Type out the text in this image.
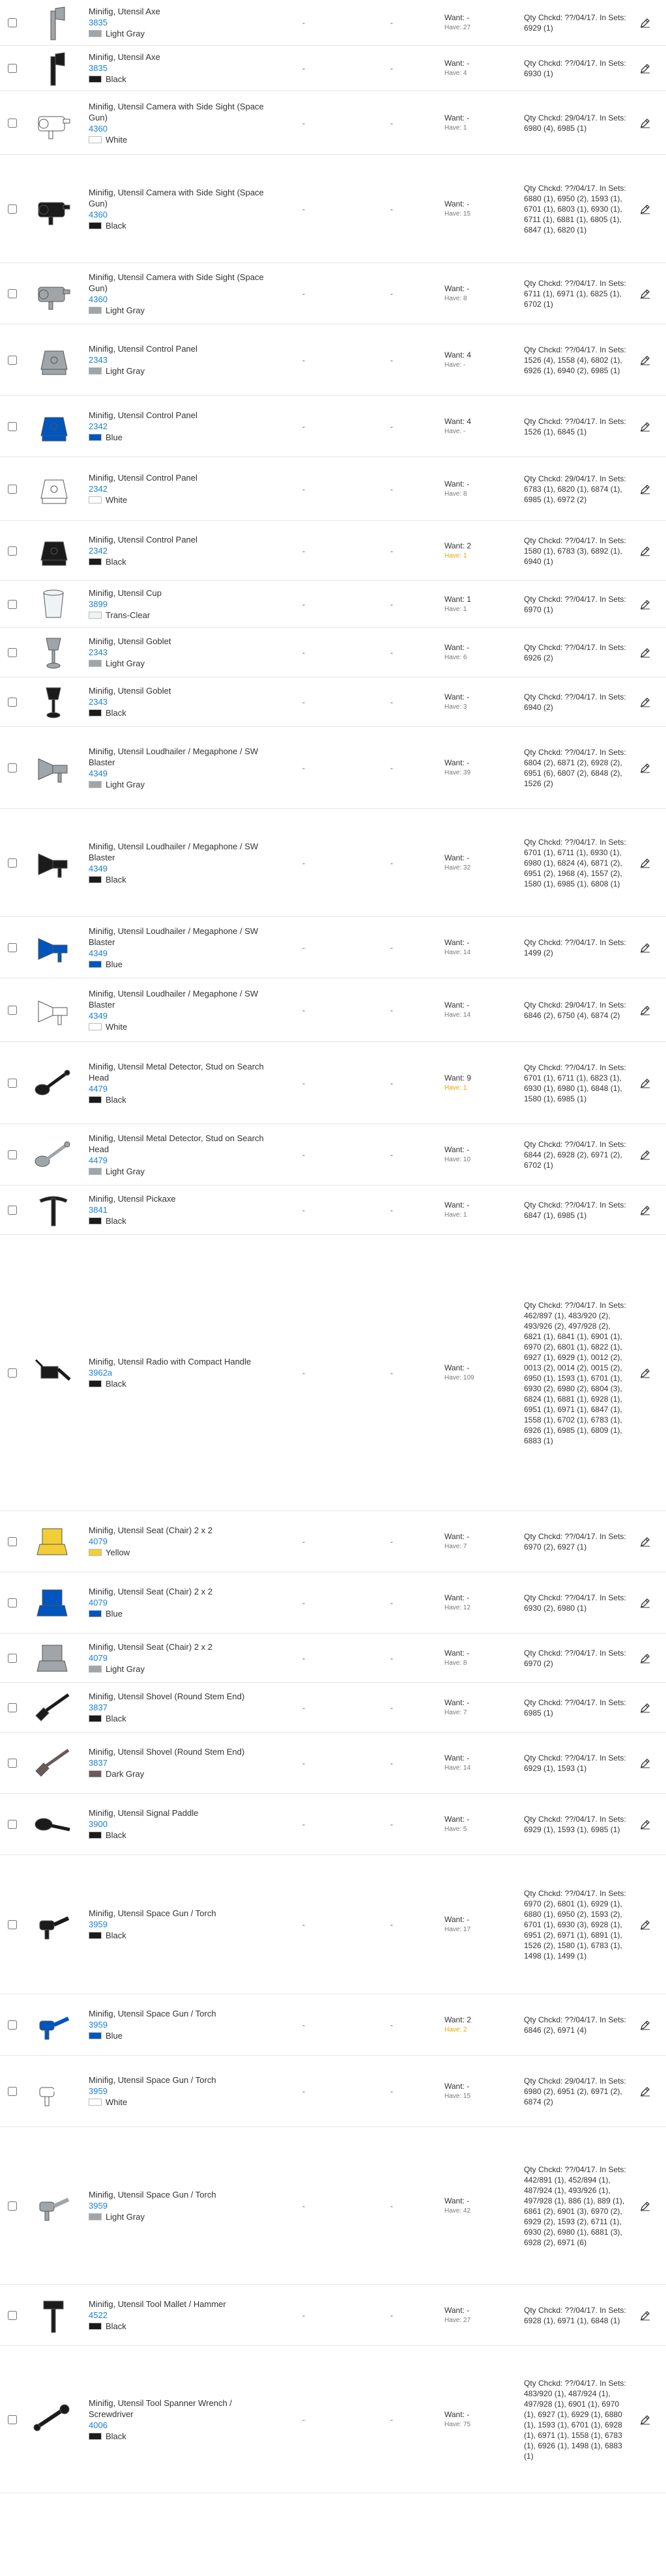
Minifig, Utensil Axe
3835
Light Gray
-	-
Want: -
Have: 27
Qty Chckd: ??/04/17. In Sets: 6929 (1)
Minifig, Utensil Axe
3835
Black
-	-
Want: -
Have: 4
Qty Chckd: ??/04/17. In Sets: 6930 (1)
Minifig, Utensil Camera with Side Sight (Space Gun)
4360
White
-	-
Want: -
Have: 1
Qty Chckd: 29/04/17. In Sets: 6980 (4), 6985 (1)
Minifig, Utensil Camera with Side Sight (Space Gun)
4360
Black
-	-
Want: -
Have: 15
Qty Chckd: ??/04/17. In Sets: 6880 (1), 6950 (2), 1593 (1), 6701 (1), 6803 (1), 6930 (1), 6711 (1), 6881 (1), 6805 (1), 6847 (1), 6820 (1)
Minifig, Utensil Camera with Side Sight (Space Gun)
4360
Light Gray
-	-
Want: -
Have: 8
Qty Chckd: ??/04/17. In Sets: 6711 (1), 6971 (1), 6825 (1), 6702 (1)
Minifig, Utensil Control Panel
2343
Light Gray
-	-
Want: 4
Have: -
Qty Chckd: ??/04/17. In Sets: 1526 (4), 1558 (4), 6802 (1), 6926 (1), 6940 (2), 6985 (1)
Minifig, Utensil Control Panel
2342
Blue
-	-
Want: 4
Have: -
Qty Chckd: ??/04/17. In Sets: 1526 (1), 6845 (1)
Minifig, Utensil Control Panel
2342
White
-	-
Want: -
Have: 8
Qty Chckd: 29/04/17. In Sets: 6783 (1), 6820 (1), 6874 (1), 6985 (1), 6972 (2)
Minifig, Utensil Control Panel
2342
Black
-	-
Want: 2
Have: 1
Qty Chckd: ??/04/17. In Sets: 1580 (1), 6783 (3), 6892 (1), 6940 (1)
Minifig, Utensil Cup
3899
Trans-Clear
-	-
Want: 1
Have: 1
Qty Chckd: ??/04/17. In Sets: 6970 (1)
Minifig, Utensil Goblet
2343
Light Gray
-	-
Want: -
Have: 6
Qty Chckd: ??/04/17. In Sets: 6926 (2)
Minifig, Utensil Goblet
2343
Black
-	-
Want: -
Have: 3
Qty Chckd: ??/04/17. In Sets: 6940 (2)
Minifig, Utensil Loudhailer / Megaphone / SW Blaster
4349
Light Gray
-	-
Want: -
Have: 39
Qty Chckd: ??/04/17. In Sets: 6804 (2), 6871 (2), 6928 (2), 6951 (6), 6807 (2), 6848 (2), 1526 (2)
Minifig, Utensil Loudhailer / Megaphone / SW Blaster
4349
Black
-	-
Want: -
Have: 32
Qty Chckd: ??/04/17. In Sets: 6701 (1), 6711 (1), 6930 (1), 6980 (1), 6824 (4), 6871 (2), 6951 (2), 1968 (4), 1557 (2), 1580 (1), 6985 (1), 6808 (1)
Minifig, Utensil Loudhailer / Megaphone / SW Blaster
4349
Blue
-	-
Want: -
Have: 14
Qty Chckd: ??/04/17. In Sets: 1499 (2)
Minifig, Utensil Loudhailer / Megaphone / SW Blaster
4349
White
-	-
Want: -
Have: 14
Qty Chckd: 29/04/17. In Sets: 6846 (2), 6750 (4), 6874 (2)
Minifig, Utensil Metal Detector, Stud on Search Head
4479
Black
-	-
Want: 9
Have: 1
Qty Chckd: ??/04/17. In Sets: 6701 (1), 6711 (1), 6823 (1), 6930 (1), 6980 (1), 6848 (1), 1580 (1), 6985 (1)
Minifig, Utensil Metal Detector, Stud on Search Head
4479
Light Gray
-	-
Want: -
Have: 10
Qty Chckd: ??/04/17. In Sets: 6844 (2), 6928 (2), 6971 (2), 6702 (1)
Minifig, Utensil Pickaxe
3841
Black
-	-
Want: -
Have: 1
Qty Chckd: ??/04/17. In Sets: 6847 (1), 6985 (1)
Minifig, Utensil Radio with Compact Handle
3962a
Black
-	-
Want: -
Have: 109
Qty Chckd: ??/04/17. In Sets: 462/897 (1), 483/920 (2), 493/926 (2), 497/928 (2), 6821 (1), 6841 (1), 6901 (1), 6970 (2), 6801 (1), 6822 (1), 6927 (1), 6929 (1), 0012 (2), 0013 (2), 0014 (2), 0015 (2), 6950 (1), 1593 (1), 6701 (1), 6930 (2), 6980 (2), 6804 (3), 6824 (1), 6881 (1), 6928 (1), 6951 (1), 6971 (1), 6847 (1), 1558 (1), 6702 (1), 6783 (1), 6926 (1), 6985 (1), 6809 (1), 6883 (1)
Minifig, Utensil Seat (Chair) 2 x 2
4079
Yellow
-	-
Want: -
Have: 7
Qty Chckd: ??/04/17. In Sets: 6970 (2), 6927 (1)
Minifig, Utensil Seat (Chair) 2 x 2
4079
Blue
-	-
Want: -
Have: 12
Qty Chckd: ??/04/17. In Sets: 6930 (2), 6980 (1)
Minifig, Utensil Seat (Chair) 2 x 2
4079
Light Gray
-	-
Want: -
Have: 8
Qty Chckd: ??/04/17. In Sets: 6970 (2)
Minifig, Utensil Shovel (Round Stem End)
3837
Black
-	-
Want: -
Have: 7
Qty Chckd: ??/04/17. In Sets: 6985 (1)
Minifig, Utensil Shovel (Round Stem End)
3837
Dark Gray
-	-
Want: -
Have: 14
Qty Chckd: ??/04/17. In Sets: 6929 (1), 1593 (1)
Minifig, Utensil Signal Paddle
3900
Black
-	-
Want: -
Have: 5
Qty Chckd: ??/04/17. In Sets: 6929 (1), 1593 (1), 6985 (1)
Minifig, Utensil Space Gun / Torch
3959
Black
-	-
Want: -
Have: 17
Qty Chckd: ??/04/17. In Sets: 6970 (2), 6801 (1), 6929 (1), 6880 (1), 6950 (2), 1593 (2), 6701 (1), 6930 (3), 6928 (1), 6951 (2), 6971 (1), 6891 (1), 1526 (2), 1580 (1), 6783 (1), 1498 (1), 1499 (1)
Minifig, Utensil Space Gun / Torch
3959
Blue
-	-
Want: 2
Have: 2
Qty Chckd: ??/04/17. In Sets: 6846 (2), 6971 (4)
Minifig, Utensil Space Gun / Torch
3959
White
-	-
Want: -
Have: 15
Qty Chckd: 29/04/17. In Sets: 6980 (2), 6951 (2), 6971 (2), 6874 (2)
Minifig, Utensil Space Gun / Torch
3959
Light Gray
-	-
Want: -
Have: 42
Qty Chckd: ??/04/17. In Sets: 442/891 (1), 452/894 (1), 487/924 (1), 493/926 (1), 497/928 (1), 886 (1), 889 (1), 6861 (2), 6901 (3), 6970 (2), 6929 (2), 1593 (2), 6711 (1), 6930 (2), 6980 (1), 6881 (3), 6928 (2), 6971 (6)
Minifig, Utensil Tool Mallet / Hammer
4522
Black
-	-
Want: -
Have: 27
Qty Chckd: ??/04/17. In Sets: 6928 (1), 6971 (1), 6848 (1)
Minifig, Utensil Tool Spanner Wrench / Screwdriver
4006
Black
-	-
Want: -
Have: 75
Qty Chckd: ??/04/17. In Sets: 483/920 (1), 487/924 (1), 497/928 (1), 6901 (1), 6970 (1), 6927 (1), 6929 (1), 6880 (1), 1593 (1), 6701 (1), 6928 (1), 6971 (1), 1558 (1), 6783 (1), 6926 (1), 1498 (1), 6883 (1)
